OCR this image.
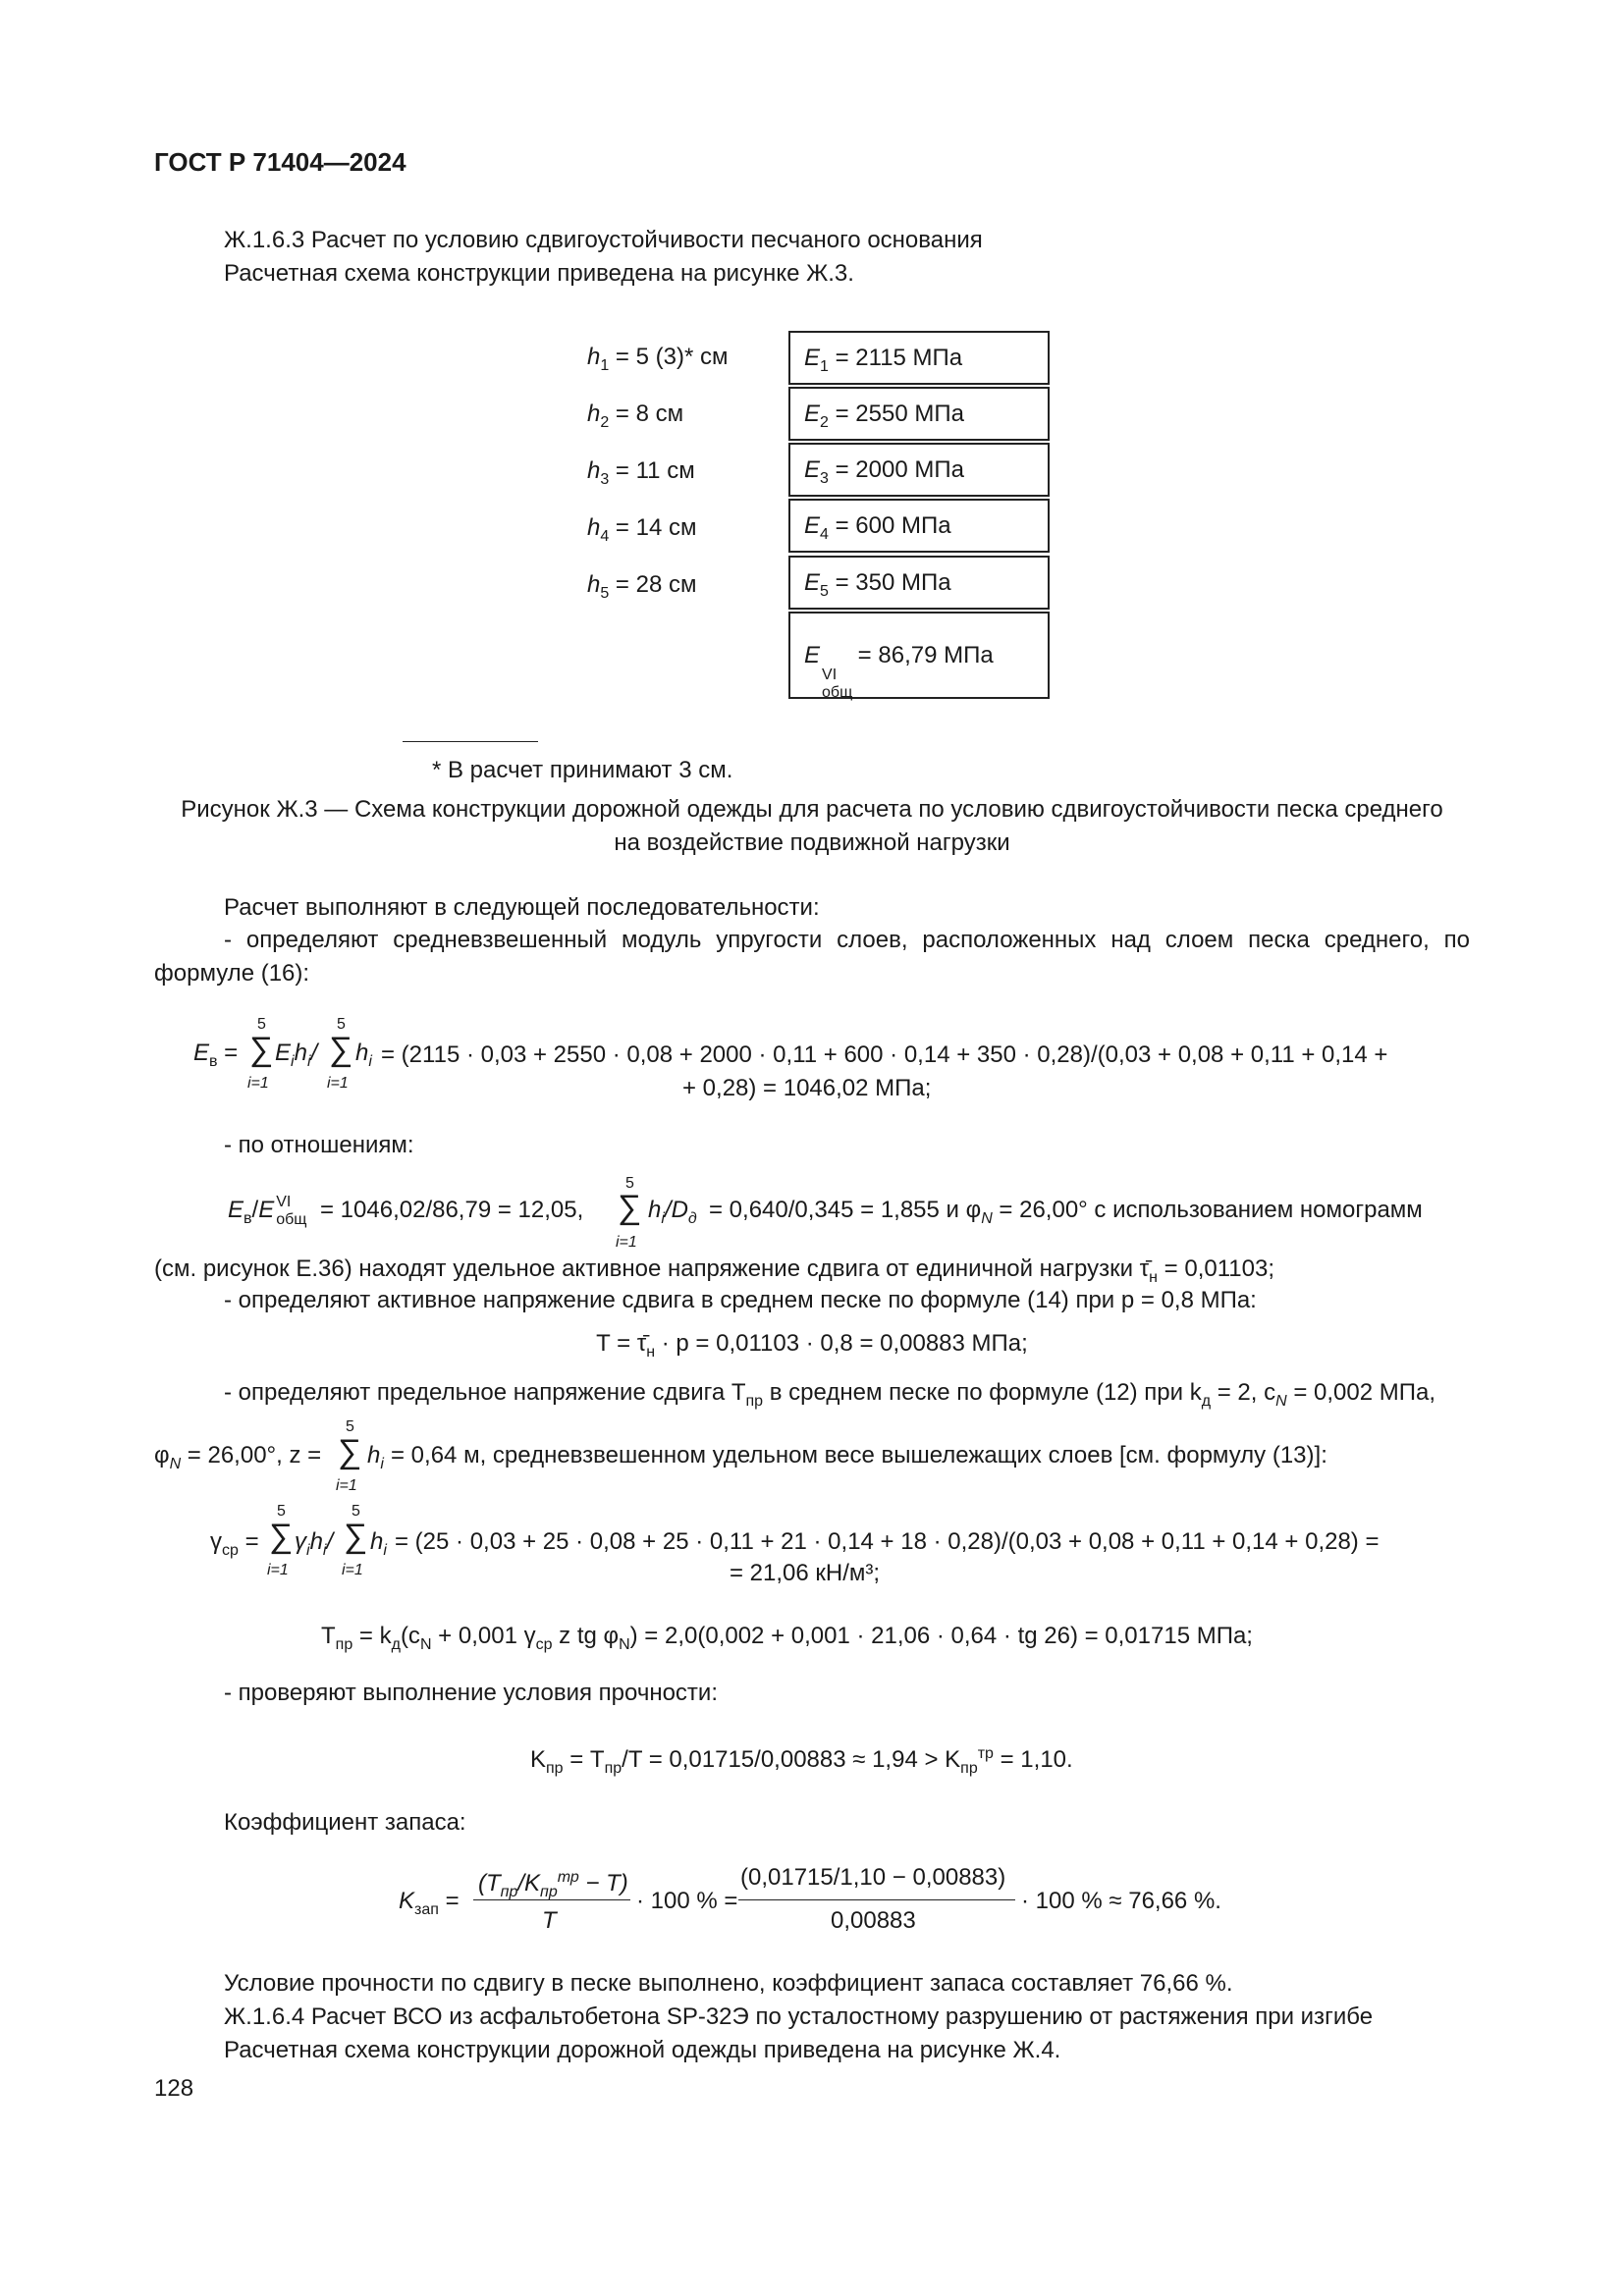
ГОСТ Р 71404—2024
Ж.1.6.3 Расчет по условию сдвигоустойчивости песчаного основания
Расчетная схема конструкции приведена на рисунке Ж.3.
$h_1 = 5$ (3)* см
$h_2 = 8$ см
$h_3 = 11$ см
$h_4 = 14$ см
$h_5 = 28$ см
$E_1 = 2115$ МПа
$E_2 = 2550$ МПа
$E_3 = 2000$ МПа
$E_4 = 600$ МПа
$E_5 = 350$ МПа
E
VI
общ
= 86,79 МПа
* В расчет принимают 3 см.
Рисунок Ж.3 — Схема конструкции дорожной одежды для расчета по условию сдвигоустойчивости песка среднего
на воздействие подвижной нагрузки
Расчет выполняют в следующей последовательности:
- определяют средневзвешенный модуль упругости слоев, расположенных над слоем песка среднего, по
формуле (16):
$E_в$ =
5
∑
i=1
$E_ih_i/$
5
∑
i=1
$h_i = (2115 \cdot 0,03 + 2550 \cdot 0,08 + 2000 \cdot 0,11 + 600 \cdot 0,14 + 350 \cdot 0,28)/(0,03 + 0,08 + 0,11 + 0,14$ +
+ 0,28) = 1046,02 МПа;
- по отношениям:
$E_в/E$ VI
общ = 1046,02/86,79 = 12,05,
5
∑
i=1
$h_i/D_д = 0,640/0,345 = 1,855$ и $\varphi_N = 26,00^\circ$ с использованием номограмм
(см. рисунок Е.36) находят удельное активное напряжение сдвига от единичной нагрузки $\taū_н = 0,01103$;
- определяют активное напряжение сдвига в среднем песке по формуле (14) при p = 0,8 МПа:
$T = \taū_н \cdot p = 0,01103 \cdot 0,8 = 0,00883$ МПа;
- определяют предельное напряжение сдвига $T_{пр}$ в среднем песке по формуле (12) при $k_д = 2$, $c_N = 0,002$ МПа,
$\varphi_N = 26,00^\circ$, z =
5
∑
i=1
$h_i = 0,64$ м, средневзвешенном удельном весе вышележащих слоев [см. формулу (13)]:
$\gamma_{ср}$ =
5
∑
i=1
$\gamma_ih_i/$
5
∑
i=1
$h_i = (25 \cdot 0,03 + 25 \cdot 0,08 + 25 \cdot 0,11 + 21 \cdot 0,14 + 18 \cdot 0,28)/(0,03 + 0,08 + 0,11 + 0,14 + 0,28)$ =
= 21,06 кН/м³;
$T_{пр} = k_д(c_N + 0,001$ $\gamma_{ср}$ z tg $\varphi_N) = 2,0(0,002 + 0,001 \cdot 21,06 \cdot 0,64$ · tg 26) = 0,01715 МПа;
- проверяют выполнение условия прочности:
$K_{пр} = T_{пр}/T = 0,01715/0,00883 \approx 1,94 > K_{пр}^{тр} = 1,10$.
Коэффициент запаса:
$K_{зап}$ =
$(T_{пр}/K_{пр}^{тр} - T)$
T
· 100 % =
(0,01715/1,10 − 0,00883)
0,00883
· 100 % ≈ 76,66 %.
Условие прочности по сдвигу в песке выполнено, коэффициент запаса составляет 76,66 %.
Ж.1.6.4 Расчет ВСО из асфальтобетона SP-32Э по усталостному разрушению от растяжения при изгибе
Расчетная схема конструкции дорожной одежды приведена на рисунке Ж.4.
128
